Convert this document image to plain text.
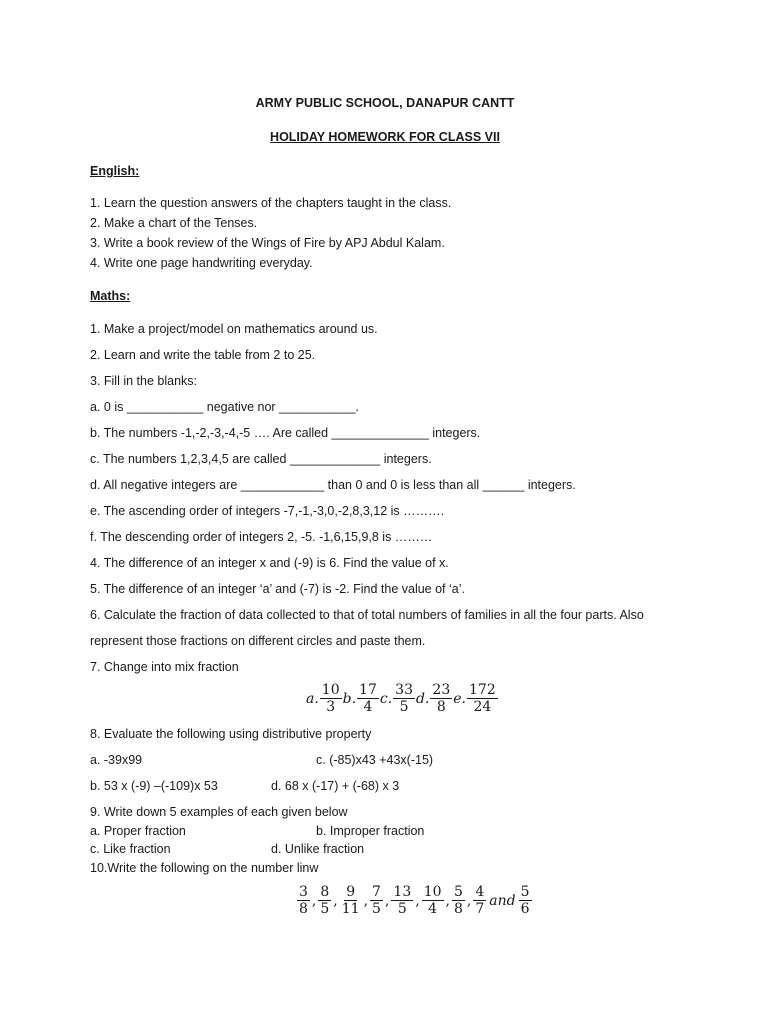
ARMY PUBLIC SCHOOL, DANAPUR CANTT
HOLIDAY HOMEWORK FOR CLASS VII
English:
1. Learn the question answers of the chapters taught in the class.
2. Make a chart of the Tenses.
3. Write a book review of the Wings of Fire by APJ Abdul Kalam.
4. Write one page handwriting everyday.
Maths:
1. Make a project/model on mathematics around us.
2. Learn and write the table from 2 to 25.
3. Fill in the blanks:
a. 0 is ___________ negative nor ___________.
b. The numbers -1,-2,-3,-4,-5 …. Are called ______________ integers.
c. The numbers 1,2,3,4,5 are called _____________ integers.
d. All negative integers are ____________ than 0 and 0 is less than all ______ integers.
e. The ascending order of integers -7,-1,-3,0,-2,8,3,12 is ……….
f. The descending order of integers 2, -5. -1,6,15,9,8 is ………
4. The difference of an integer x and (-9) is 6. Find the value of x.
5. The difference of an integer ‘a’ and (-7) is -2. Find the value of ‘a’.
6. Calculate the fraction of data collected to that of total numbers of families in all the four parts. Also
represent those fractions on different circles and paste them.
7. Change into mix fraction
a. $\frac{10}{3} b$. $\frac{17}{4} c$. $\frac{33}{5} d$. $\frac{23}{8} e$. $\frac{172}{24}$
8. Evaluate the following using distributive property
a. -39x99	c. (-85)x43 +43x(-15)
b. 53 x (-9) –(-109)x 53	d. 68 x (-17) + (-68) x 3
9. Write down 5 examples of each given below
a. Proper fraction	b. Improper fraction
c. Like fraction	d. Unlike fraction
10.Write the following on the number linw
$\frac{3}{8}$ , $\frac{8}{5}$ , $\frac{9}{11}$ , $\frac{7}{5}$ , $\frac{13}{5}$ , $\frac{10}{4}$ , $\frac{5}{8}$ , $\frac{4}{7}$ and $\frac{5}{6}$
